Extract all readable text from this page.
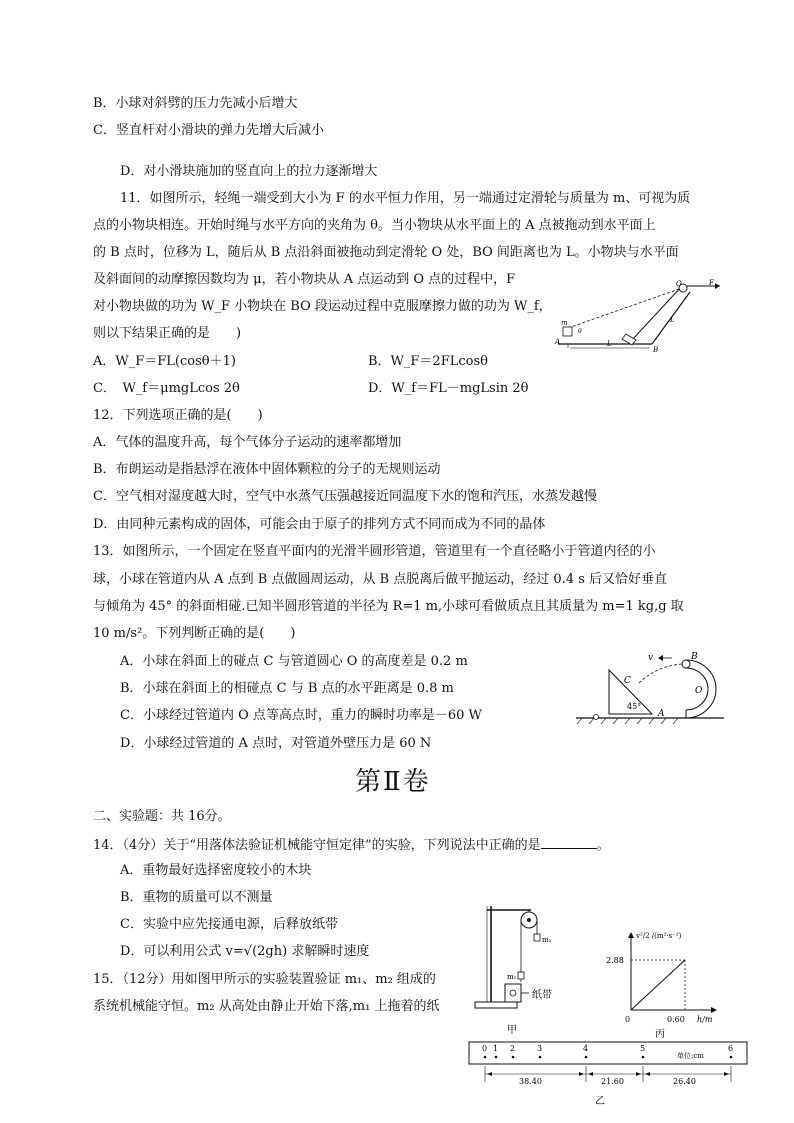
B．小球对斜劈的压力先减小后增大
C．竖直杆对小滑块的弹力先增大后减小
D．对小滑块施加的竖直向上的拉力逐渐增大
11．如图所示，轻绳一端受到大小为 F 的水平恒力作用，另一端通过定滑轮与质量为 m、可视为质
点的小物块相连。开始时绳与水平方向的夹角为 θ。当小物块从水平面上的 A 点被拖动到水平面上
的 B 点时，位移为 L，随后从 B 点沿斜面被拖动到定滑轮 O 处，BO 间距离也为 L。小物块与水平面
及斜面间的动摩擦因数均为 μ，若小物块从 A 点运动到 O 点的过程中，F
对小物块做的功为 W_F 小物块在 BO 段运动过程中克服摩擦力做的功为 W_f，
则以下结果正确的是　　)
A．W_F＝FL(cosθ＋1)	B．W_F＝2FLcosθ
C．　W_f＝μmgLcos 2θ	D．W_f＝FL－mgLsin 2θ
O	F
m
θ
A
B
L
L
12．下列选项正确的是(　　)
A．气体的温度升高，每个气体分子运动的速率都增加
B．布朗运动是指悬浮在液体中固体颗粒的分子的无规则运动
C．空气相对湿度越大时，空气中水蒸气压强越接近同温度下水的饱和汽压，水蒸发越慢
D．由同种元素构成的固体，可能会由于原子的排列方式不同而成为不同的晶体
13．如图所示，一个固定在竖直平面内的光滑半圆形管道，管道里有一个直径略小于管道内径的小
球，小球在管道内从 A 点到 B 点做圆周运动，从 B 点脱离后做平抛运动，经过 0.4 s 后又恰好垂直
与倾角为 45° 的斜面相碰.已知半圆形管道的半径为 R=1 m,小球可看做质点且其质量为 m=1 kg,g 取
10 m/s²。下列判断正确的是(　　)
A．小球在斜面上的碰点 C 与管道圆心 O 的高度差是 0.2 m
B．小球在斜面上的相碰点 C 与 B 点的水平距离是 0.8 m
C．小球经过管道内 O 点等高点时，重力的瞬时功率是－60 W
D．小球经过管道的 A 点时，对管道外壁压力是 60 N
v	B
C
O
45°
A
第Ⅱ卷
二、实验题：共 16分。
14．（4分）关于“用落体法验证机械能守恒定律”的实验，下列说法中正确的是	。
A．重物最好选择密度较小的木块
B．重物的质量可以不测量
C．实验中应先接通电源，后释放纸带
D．可以利用公式 v=√(2gh) 求解瞬时速度
15．（12分）用如图甲所示的实验装置验证 m₁、m₂ 组成的
系统机械能守恒。m₂ 从高处由静止开始下落,m₁ 上拖着的纸
m₂
m₁
纸带
甲
v²/2 /(m²·s⁻²)
2.88
0.60
0	h/m
丙
0 1 2	3	4	5	6
单位:cm
38.40	21.60	26.40
乙
